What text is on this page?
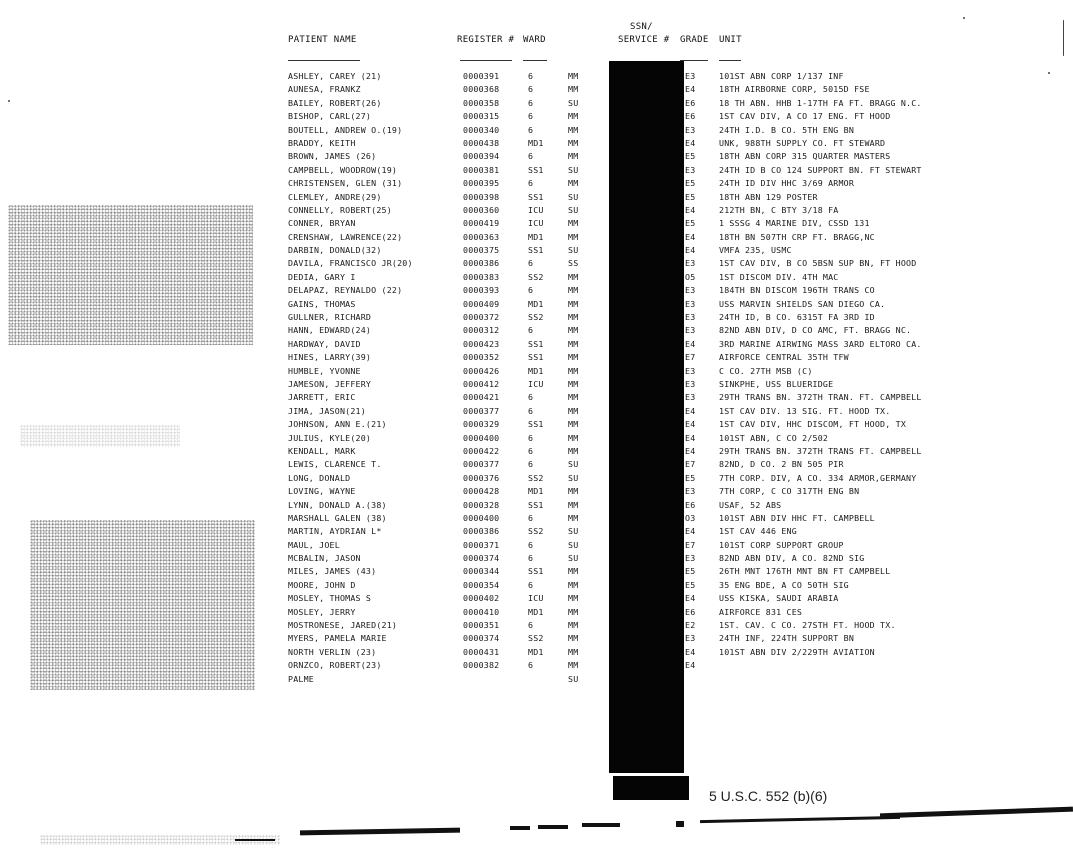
PATIENT NAME	REGISTER # WARD
SSN/
SERVICE # GRADE UNIT
ASHLEY, CAREY (21)	0000391	6	MM	E3	101ST ABN CORP 1/137 INF
AUNESA, FRANKZ	0000368	6	MM	E4	18TH AIRBORNE CORP, 5015D FSE
BAILEY, ROBERT(26)	0000358	6	SU	E6	18 TH ABN. HHB 1-17TH FA FT. BRAGG N.C.
BISHOP, CARL(27)	0000315	6	MM	E6	1ST CAV DIV, A CO 17 ENG. FT HOOD
BOUTELL, ANDREW O.(19)	0000340	6	MM	E3	24TH I.D. B CO. 5TH ENG BN
BRADDY, KEITH	0000438	MD1	MM	E4	UNK, 988TH SUPPLY CO. FT STEWARD
BROWN, JAMES (26)	0000394	6	MM	E5	18TH ABN CORP 315 QUARTER MASTERS
CAMPBELL, WOODROW(19)	0000381	SS1	SU	E3	24TH ID B CO 124 SUPPORT BN. FT STEWART
CHRISTENSEN, GLEN (31)	0000395	6	MM	E5	24TH ID DIV HHC 3/69 ARMOR
CLEMLEY, ANDRE(29)	0000398	SS1	SU	E5	18TH ABN 129 POSTER
CONNELLY, ROBERT(25)	0000360	ICU	SU	E4	212TH BN, C BTY 3/18 FA
CONNER, BRYAN	0000419	ICU	MM	E5	1 SSSG 4 MARINE DIV, CSSD 131
CRENSHAW, LAWRENCE(22)	0000363	MD1	MM	E4	18TH BN 507TH CRP FT. BRAGG,NC
DARBIN, DONALD(32)	0000375	SS1	SU	E4	VMFA 235, USMC
DAVILA, FRANCISCO JR(20)	0000386	6	SS	E3	1ST CAV DIV, B CO 5BSN SUP BN, FT HOOD
DEDIA, GARY I	0000383	SS2	MM	O5	1ST DISCOM DIV. 4TH MAC
DELAPAZ, REYNALDO (22)	0000393	6	MM	E3	184TH BN DISCOM 196TH TRANS CO
GAINS, THOMAS	0000409	MD1	MM	E3	USS MARVIN SHIELDS SAN DIEGO CA.
GULLNER, RICHARD	0000372	SS2	MM	E3	24TH ID, B CO. 6315T FA 3RD ID
HANN, EDWARD(24)	0000312	6	MM	E3	82ND ABN DIV, D CO AMC, FT. BRAGG NC.
HARDWAY, DAVID	0000423	SS1	MM	E4	3RD MARINE AIRWING MASS 3ARD ELTORO CA.
HINES, LARRY(39)	0000352	SS1	MM	E7	AIRFORCE CENTRAL 35TH TFW
HUMBLE, YVONNE	0000426	MD1	MM	E3	C CO. 27TH MSB (C)
JAMESON, JEFFERY	0000412	ICU	MM	E3	SINKPHE, USS BLUERIDGE
JARRETT, ERIC	0000421	6	MM	E3	29TH TRANS BN. 372TH TRAN. FT. CAMPBELL
JIMA, JASON(21)	0000377	6	MM	E4	1ST CAV DIV. 13 SIG. FT. HOOD TX.
JOHNSON, ANN E.(21)	0000329	SS1	MM	E4	1ST CAV DIV, HHC DISCOM, FT HOOD, TX
JULIUS, KYLE(20)	0000400	6	MM	E4	101ST ABN, C CO 2/502
KENDALL, MARK	0000422	6	MM	E4	29TH TRANS BN. 372TH TRANS FT. CAMPBELL
LEWIS, CLARENCE T.	0000377	6	SU	E7	82ND, D CO. 2 BN 505 PIR
LONG, DONALD	0000376	SS2	SU	E5	7TH CORP. DIV, A CO. 334 ARMOR,GERMANY
LOVING, WAYNE	0000428	MD1	MM	E3	7TH CORP, C CO 317TH ENG BN
LYNN, DONALD A.(38)	0000328	SS1	MM	E6	USAF, 52 ABS
MARSHALL GALEN (38)	0000400	6	MM	O3	101ST ABN DIV HHC FT. CAMPBELL
MARTIN, AYDRIAN L*	0000386	SS2	SU	E4	1ST CAV 446 ENG
MAUL, JOEL	0000371	6	SU	E7	101ST CORP SUPPORT GROUP
MCBALIN, JASON	0000374	6	SU	E3	82ND ABN DIV, A CO. 82ND SIG
MILES, JAMES (43)	0000344	SS1	MM	E5	26TH MNT 176TH MNT BN FT CAMPBELL
MOORE, JOHN D	0000354	6	MM	E5	35 ENG BDE, A CO 50TH SIG
MOSLEY, THOMAS S	0000402	ICU	MM	E4	USS KISKA, SAUDI ARABIA
MOSLEY, JERRY	0000410	MD1	MM	E6	AIRFORCE 831 CES
MOSTRONESE, JARED(21)	0000351	6	MM	E2	1ST. CAV. C CO. 27STH FT. HOOD TX.
MYERS, PAMELA MARIE	0000374	SS2	MM	E3	24TH INF, 224TH SUPPORT BN
NORTH VERLIN (23)	0000431	MD1	MM	E4	101ST ABN DIV 2/229TH AVIATION
ORNZCO, ROBERT(23)	0000382	6	MM	E4
PALME	SU
5 U.S.C. 552 (b)(6)
